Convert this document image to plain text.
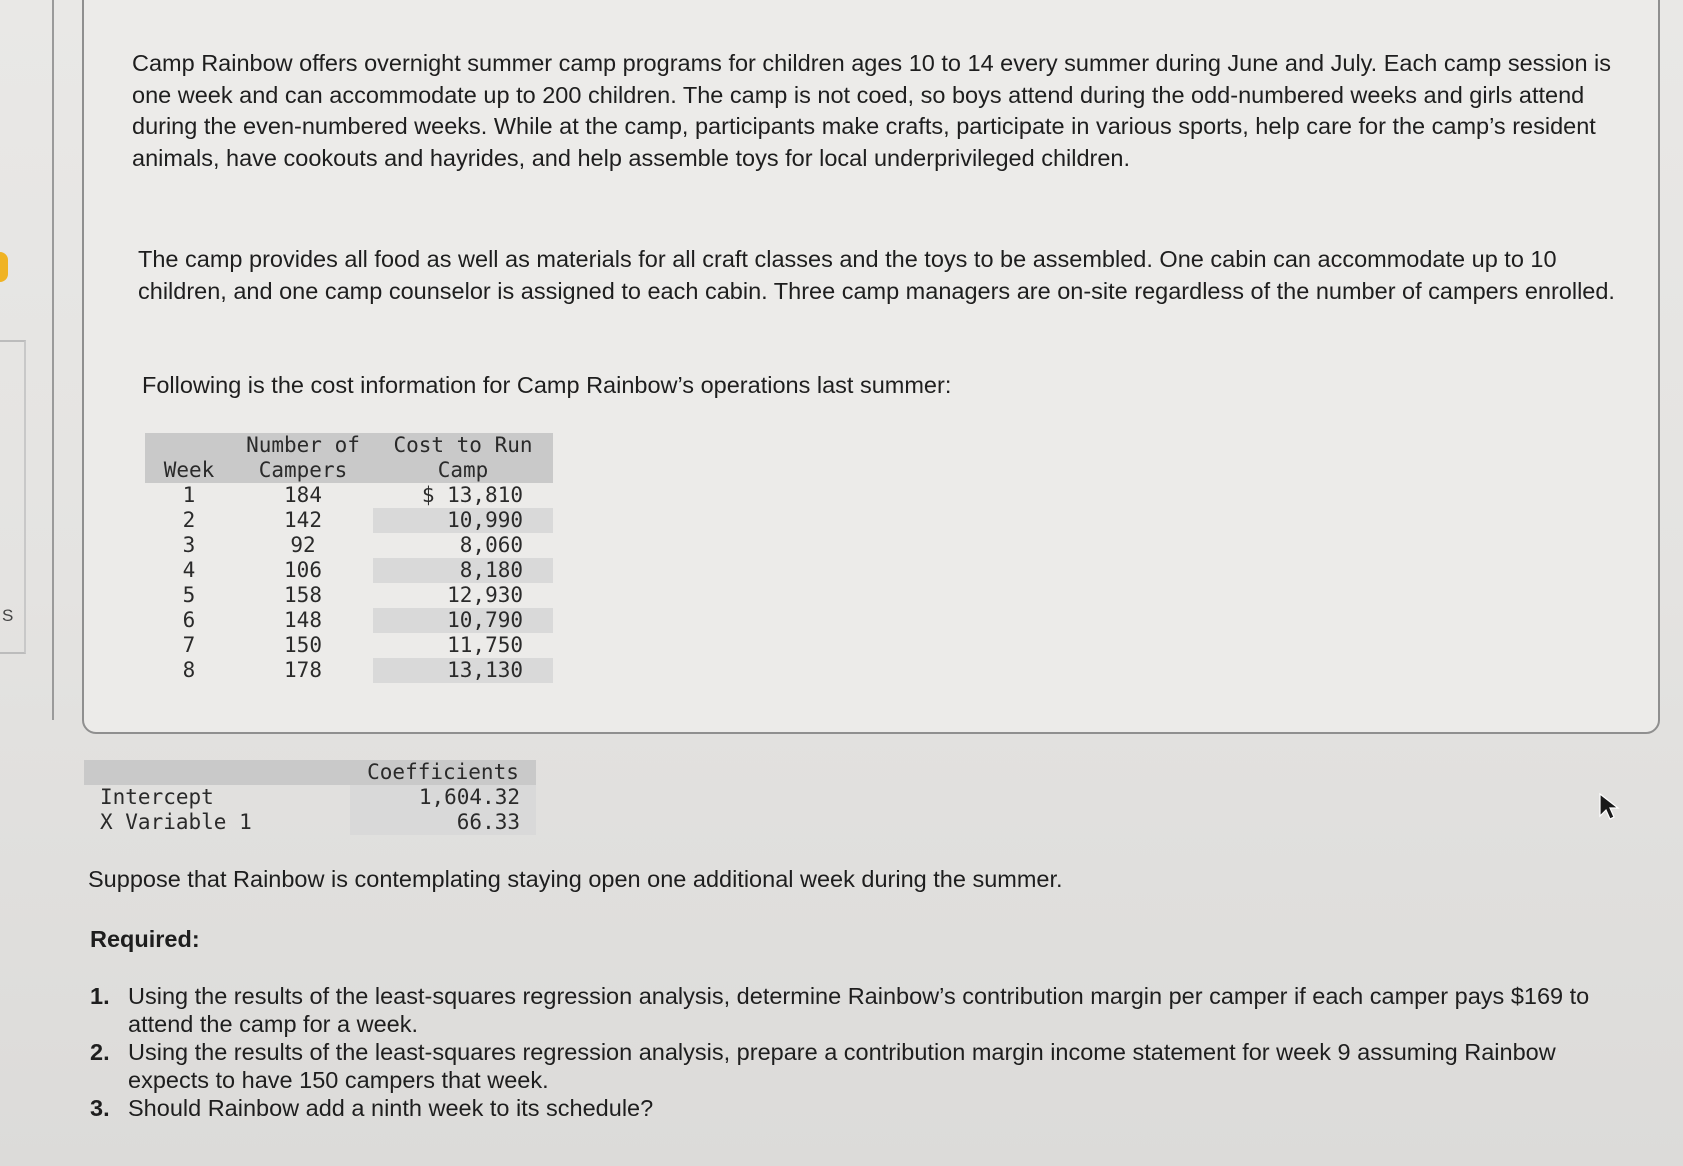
S

Camp Rainbow offers overnight summer camp programs for children ages 10 to 14 every summer during June and July. Each camp session is one week and can accommodate up to 200 children. The camp is not coed, so boys attend during the odd-numbered weeks and girls attend during the even-numbered weeks. While at the camp, participants make crafts, participate in various sports, help care for the camp’s resident animals, have cookouts and hayrides, and help assemble toys for local underprivileged children.

The camp provides all food as well as materials for all craft classes and the toys to be assembled. One cabin can accommodate up to 10 children, and one camp counselor is assigned to each cabin. Three camp managers are on-site regardless of the number of campers enrolled.

Following is the cost information for Camp Rainbow’s operations last summer:

	Number of	Cost to Run
Week	Campers	Camp
1	184	$ 13,810
2	142	10,990
3	92	8,060
4	106	8,180
5	158	12,930
6	148	10,790
7	150	11,750
8	178	13,130
	Coefficients
Intercept	1,604.32
X Variable 1	66.33
Suppose that Rainbow is contemplating staying open one additional week during the summer.
Required:
1. Using the results of the least-squares regression analysis, determine Rainbow’s contribution margin per camper if each camper pays $169 to attend the camp for a week.
2. Using the results of the least-squares regression analysis, prepare a contribution margin income statement for week 9 assuming Rainbow expects to have 150 campers that week.
3. Should Rainbow add a ninth week to its schedule?
